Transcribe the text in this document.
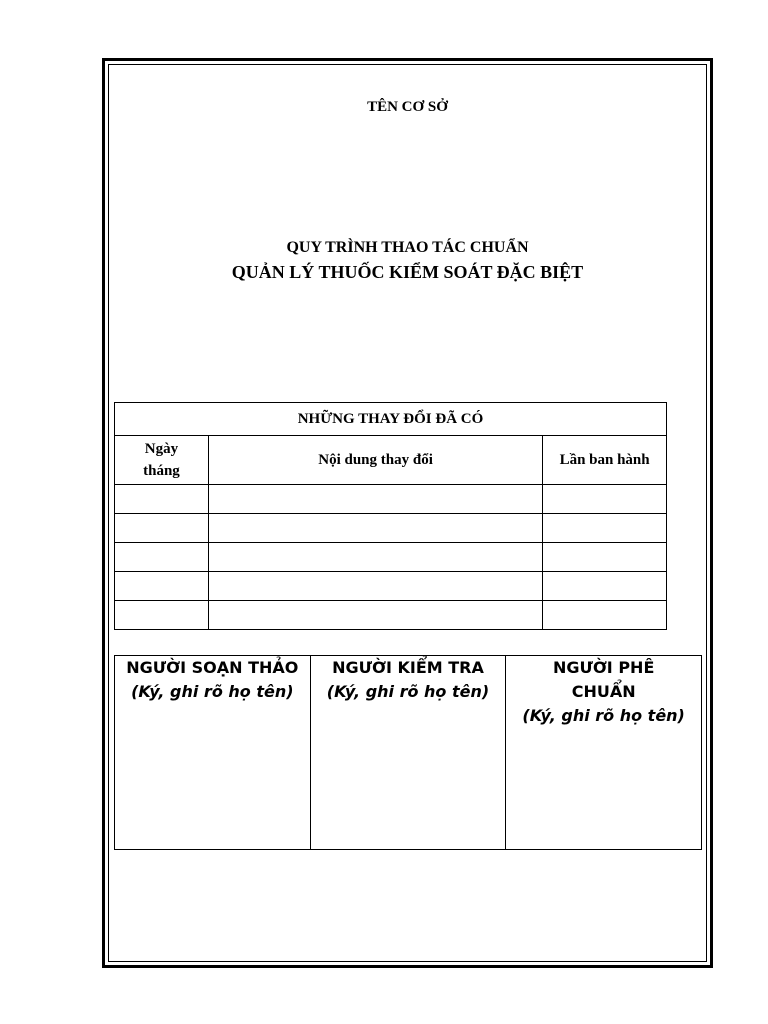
TÊN CƠ SỞ
QUY TRÌNH THAO TÁC CHUẨN
QUẢN LÝ THUỐC KIỂM SOÁT ĐẶC BIỆT
NHỮNG THAY ĐỔI ĐÃ CÓ		
Ngày tháng	Nội dung thay đổi	Lần ban hành

NGƯỜI SOẠN THẢO
(Ký, ghi rõ họ tên)

NGƯỜI KIỂM TRA
(Ký, ghi rõ họ tên)

NGƯỜI PHÊ CHUẨN
(Ký, ghi rõ họ tên)
